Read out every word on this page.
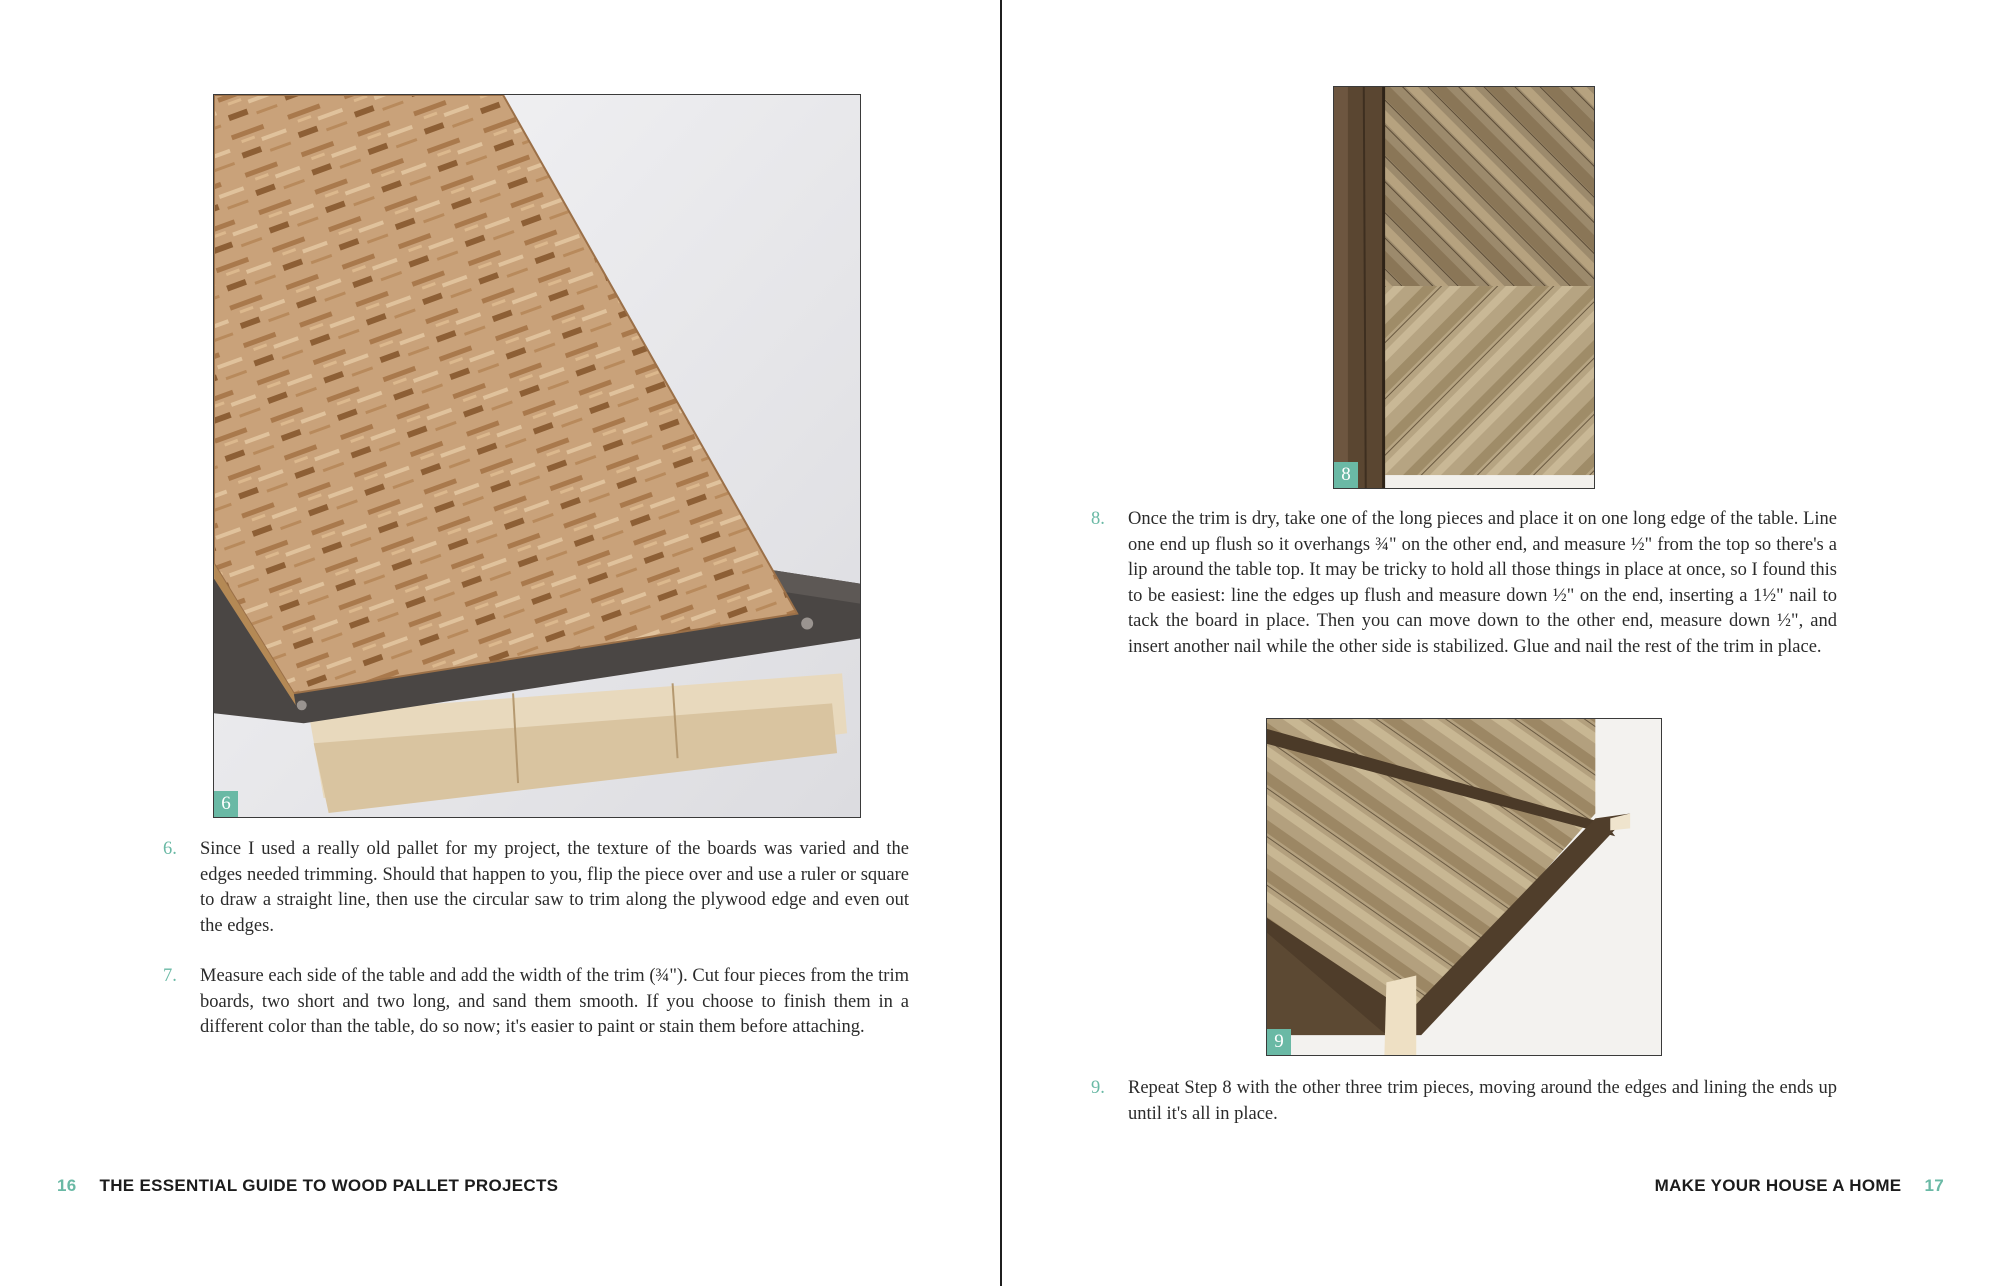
6
6.	Since I used a really old pallet for my project, the texture of the boards was varied and the edges needed trimming. Should that happen to you, flip the piece over and use a ruler or square to draw a straight line, then use the circular saw to trim along the plywood edge and even out the edges.
7.	Measure each side of the table and add the width of the trim (¾"). Cut four pieces from the trim boards, two short and two long, and sand them smooth. If you choose to finish them in a different color than the table, do so now; it's easier to paint or stain them before attaching.
16 THE ESSENTIAL GUIDE TO WOOD PALLET PROJECTS
8
8.	Once the trim is dry, take one of the long pieces and place it on one long edge of the table. Line one end up flush so it overhangs ¾" on the other end, and measure ½" from the top so there's a lip around the table top. It may be tricky to hold all those things in place at once, so I found this to be easiest: line the edges up flush and measure down ½" on the end, inserting a 1½" nail to tack the board in place. Then you can move down to the other end, measure down ½", and insert another nail while the other side is stabilized. Glue and nail the rest of the trim in place.
9
9.	Repeat Step 8 with the other three trim pieces, moving around the edges and lining the ends up until it's all in place.
MAKE YOUR HOUSE A HOME 17
